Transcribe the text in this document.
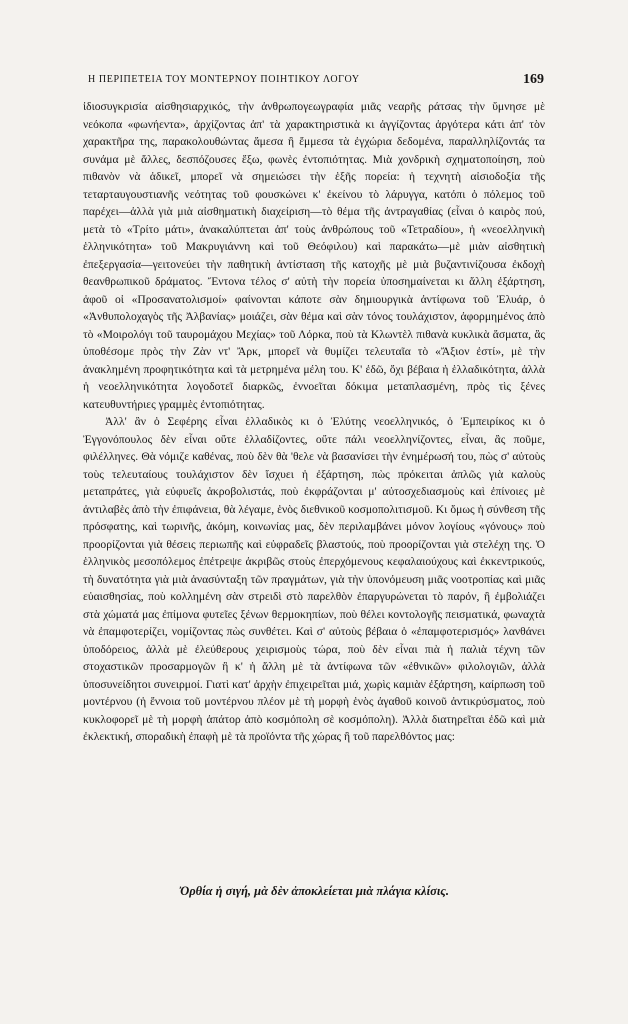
Η ΠΕΡΙΠΕΤΕΙΑ ΤΟΥ ΜΟΝΤΕΡΝΟΥ ΠΟΙΗΤΙΚΟΥ ΛΟΓΟΥ	169

ἰδιοσυγκρισία αἰσθησιαρχικός, τὴν ἀνθρωπογεωγραφία μιᾶς νεαρῆς ράτσας τὴν ὕμνησε μὲ νεόκοπα «φωνήεντα», ἀρχίζοντας ἀπ' τὰ χαρακτηριστικὰ κι ἀγγίζοντας ἀργότερα κάτι ἀπ' τὸν χαρακτῆρα της, παρακολουθώντας ἄμεσα ἢ ἔμμεσα τὰ ἐγχώρια δεδομένα, παραλληλίζοντάς τα συνάμα μὲ ἄλλες, δεσπόζουσες ἔξω, φωνὲς ἐντοπιότητας. Μιὰ χονδρικὴ σχηματοποίηση, ποὺ πιθανὸν νὰ ἀδικεῖ, μπορεῖ νὰ σημειώσει τὴν ἑξῆς πορεία: ἡ τεχνητὴ αἰσιοδοξία τῆς τεταρταυγουστιανῆς νεότητας τοῦ φουσκώνει κ' ἐκείνου τὸ λάρυγγα, κατόπι ὁ πόλεμος τοῦ παρέχει—ἀλλὰ γιὰ μιὰ αἰσθηματικὴ διαχείριση—τὸ θέμα τῆς ἀντραγαθίας (εἶναι ὁ καιρὸς πού, μετὰ τὸ «Τρίτο μάτι», ἀνακαλύπτεται ἀπ' τοὺς ἀνθρώπους τοῦ «Τετραδίου», ἡ «νεοελληνικὴ ἑλληνικότητα» τοῦ Μακρυγιάννη καὶ τοῦ Θεόφιλου) καὶ παρακάτω—μὲ μιὰν αἰσθητικὴ ἐπεξεργασία—γειτονεύει τὴν παθητικὴ ἀντίσταση τῆς κατοχῆς μὲ μιὰ βυζαντινίζουσα ἐκδοχὴ θεανθρωπικοῦ δράματος. Ἔντονα τέλος σ' αὐτὴ τὴν πορεία ὑποσημαίνεται κι ἄλλη ἐξάρτηση, ἀφοῦ οἱ «Προσανατολισμοί» φαίνονται κάποτε σὰν δημιουργικὰ ἀντίφωνα τοῦ Ἐλυάρ, ὁ «Ἀνθυπολοχαγὸς τῆς Ἀλβανίας» μοιάζει, σὰν θέμα καὶ σὰν τόνος τουλάχιστον, ἀφορμημένος ἀπὸ τὸ «Μοιρολόγι τοῦ ταυρομάχου Μεχίας» τοῦ Λόρκα, ποὺ τὰ Κλωντὲλ πιθανὰ κυκλικὰ ἄσματα, ἃς ὑποθέσομε πρὸς τὴν Ζὰν ντ' Ἄρκ, μπορεῖ νὰ θυμίζει τελευταῖα τὸ «Ἄξιον ἐστί», μὲ τὴν ἀνακλημένη προφητικότητα καὶ τὰ μετρημένα μέλη του. Κ' ἐδῶ, ὄχι βέβαια ἡ ἑλλαδικότητα, ἀλλὰ ἡ νεοελληνικότητα λογοδοτεῖ διαρκῶς, ἐννοεῖται δόκιμα μεταπλασμένη, πρὸς τὶς ξένες κατευθυντήριες γραμμὲς ἐντοπιότητας.

Ἀλλ' ἂν ὁ Σεφέρης εἶναι ἑλλαδικὸς κι ὁ Ἐλύτης νεοελληνικός, ὁ Ἐμπειρίκος κι ὁ Ἐγγονόπουλος δὲν εἶναι οὔτε ἑλλαδίζοντες, οὔτε πάλι νεοελληνίζοντες, εἶναι, ἂς ποῦμε, φιλέλληνες. Θὰ νόμιζε καθένας, ποὺ δὲν θὰ 'θελε νὰ βασανίσει τὴν ἐνημέρωσή του, πὼς σ' αὐτοὺς τοὺς τελευταίους τουλάχιστον δὲν ἴσχυει ἡ ἐξάρτηση, πὼς πρόκειται ἁπλῶς γιὰ καλοὺς μεταπράτες, γιὰ εὐφυεῖς ἀκροβολιστάς, ποὺ ἐκφράζονται μ' αὐτοσχεδιασμοὺς καὶ ἐπίνοιες μὲ ἀντιλαβὲς ἀπὸ τὴν ἐπιφάνεια, θὰ λέγαμε, ἑνὸς διεθνικοῦ κοσμοπολιτισμοῦ. Κι ὅμως ἡ σύνθεση τῆς πρόσφατης, καὶ τωρινῆς, ἀκόμη, κοινωνίας μας, δὲν περιλαμβάνει μόνον λογίους «γόνους» ποὺ προορίζονται γιὰ θέσεις περιωπῆς καὶ εὐφραδεῖς βλαστούς, ποὺ προορίζονται γιὰ στελέχη της. Ὁ ἑλληνικὸς μεσοπόλεμος ἐπέτρεψε ἀκριβῶς στοὺς ἐπερχόμενους κεφαλαιούχους καὶ ἐκκεντρικούς, τὴ δυνατότητα γιὰ μιὰ ἀνασύνταξη τῶν πραγμάτων, γιὰ τὴν ὑπονόμευση μιᾶς νοοτροπίας καὶ μιᾶς εὐαισθησίας, ποὺ κολλημένη σὰν στρειδὶ στὸ παρελθὸν ἐπαργυρώνεται τὸ παρόν, ἢ ἐμβολιάζει στὰ χώματά μας ἐπίμονα φυτεῖες ξένων θερμοκηπίων, ποὺ θέλει κοντολογῆς πεισματικά, φωναχτὰ νὰ ἐπαμφοτερίζει, νομίζοντας πὼς συνθέτει. Καὶ σ' αὐτοὺς βέβαια ὁ «ἐπαμφοτερισμός» λανθάνει ὑποδόρειος, ἀλλὰ μὲ ἐλεύθερους χειρισμοὺς τώρα, ποὺ δὲν εἶναι πιὰ ἡ παλιὰ τέχνη τῶν στοχαστικῶν προσαρμογῶν ἢ κ' ἡ ἄλλη μὲ τὰ ἀντίφωνα τῶν «ἐθνικῶν» φιλολογιῶν, ἀλλὰ ὑποσυνείδητοι συνειρμοί. Γιατὶ κατ' ἀρχὴν ἐπιχειρεῖται μιά, χωρὶς καμιὰν ἐξάρτηση, καίρπωση τοῦ μοντέρνου (ἡ ἔννοια τοῦ μοντέρνου πλέον μὲ τὴ μορφὴ ἑνὸς ἀγαθοῦ κοινοῦ ἀντικρύσματος, ποὺ κυκλοφορεῖ μὲ τὴ μορφὴ ἀπάτορ ἀπὸ κοσμόπολη σὲ κοσμόπολη). Ἀλλὰ διατηρεῖται ἐδῶ καὶ μιὰ ἐκλεκτική, σποραδικὴ ἐπαφὴ μὲ τὰ προϊόντα τῆς χώρας ἢ τοῦ παρελθόντος μας:

Ὀρθία ἡ σιγή, μὰ δὲν ἀποκλείεται μιὰ πλάγια κλίσις.
